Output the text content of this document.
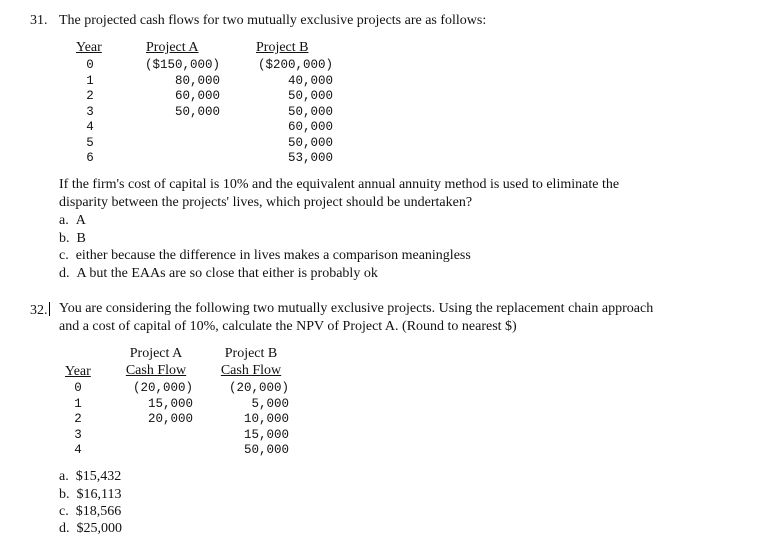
31. The projected cash flows for two mutually exclusive projects are as follows:
Year	Project A	Project B
0
1
2
3
4
5
6
($150,000)
80,000
60,000
50,000
($200,000)
40,000
50,000
50,000
60,000
50,000
53,000
If the firm's cost of capital is 10% and the equivalent annual annuity method is used to eliminate the
disparity between the projects' lives, which project should be undertaken?
a. A
b. B
c. either because the difference in lives makes a comparison meaningless
d. A but the EAAs are so close that either is probably ok
32. You are considering the following two mutually exclusive projects. Using the replacement chain approach
and a cost of capital of 10%, calculate the NPV of Project A. (Round to nearest $)
Year
Project A
Cash Flow
Project B
Cash Flow
0
1
2
3
4
(20,000)
15,000
20,000
(20,000)
5,000
10,000
15,000
50,000
a. $15,432
b. $16,113
c. $18,566
d. $25,000
